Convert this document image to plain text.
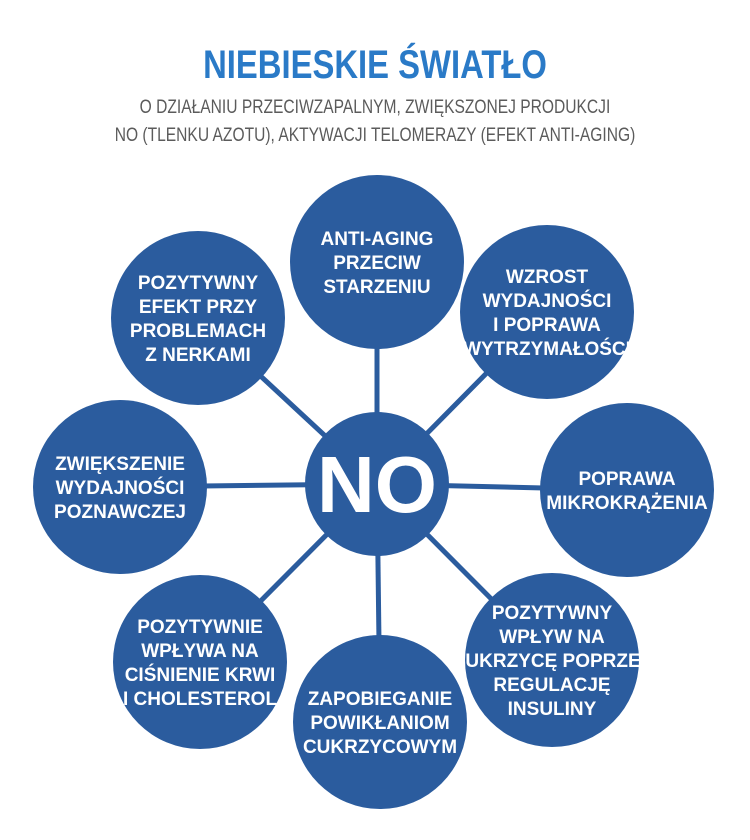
NIEBIESKIE ŚWIATŁO
O DZIAŁANIU PRZECIWZAPALNYM, ZWIĘKSZONEJ PRODUKCJI
NO (TLENKU AZOTU), AKTYWACJI TELOMERAZY (EFEKT ANTI-AGING)
ANTI-AGING PRZECIW STARZENIU	WZROST WYDAJNOŚCI I POPRAWA WYTRZYMAŁOŚCI
POPRAWA MIKROKRĄŻENIA
POZYTYWNY WPŁYW NA CUKRZYCĘ POPRZEZ REGULACJĘ INSULINY
ZAPOBIEGANIE POWIKŁANIOM CUKRZYCOWYM
POZYTYWNIE WPŁYWA NA CIŚNIENIE KRWI I CHOLESTEROL
ZWIĘKSZENIE WYDAJNOŚCI POZNAWCZEJ
POZYTYWNY EFEKT PRZY PROBLEMACH Z NERKAMI
NO
